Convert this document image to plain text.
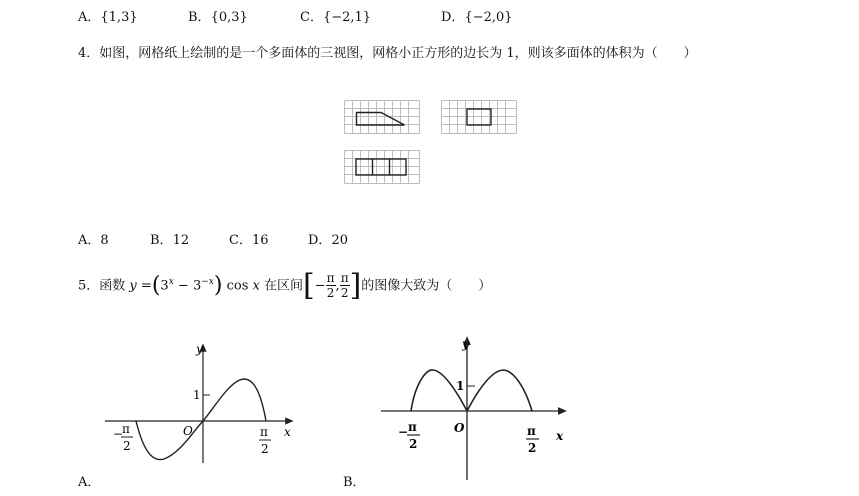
A．{1,3}	B．{0,3}	C．{−2,1}	D．{−2,0}
4．如图，网格纸上绘制的是一个多面体的三视图，网格小正方形的边长为 1，则该多面体的体积为（　　）
A．8	B．12	C．16	D．20
5．函数 $y =(3^x - 3^{-x})$ cos x 在区间[− $\frac{\pi}{2}$ , $\frac{\pi}{2}$ ]的图像大致为（　　）
y
x
1
O
−
π
2
π
2
A．
y
x
1
O
− π
2
π
2
B．
